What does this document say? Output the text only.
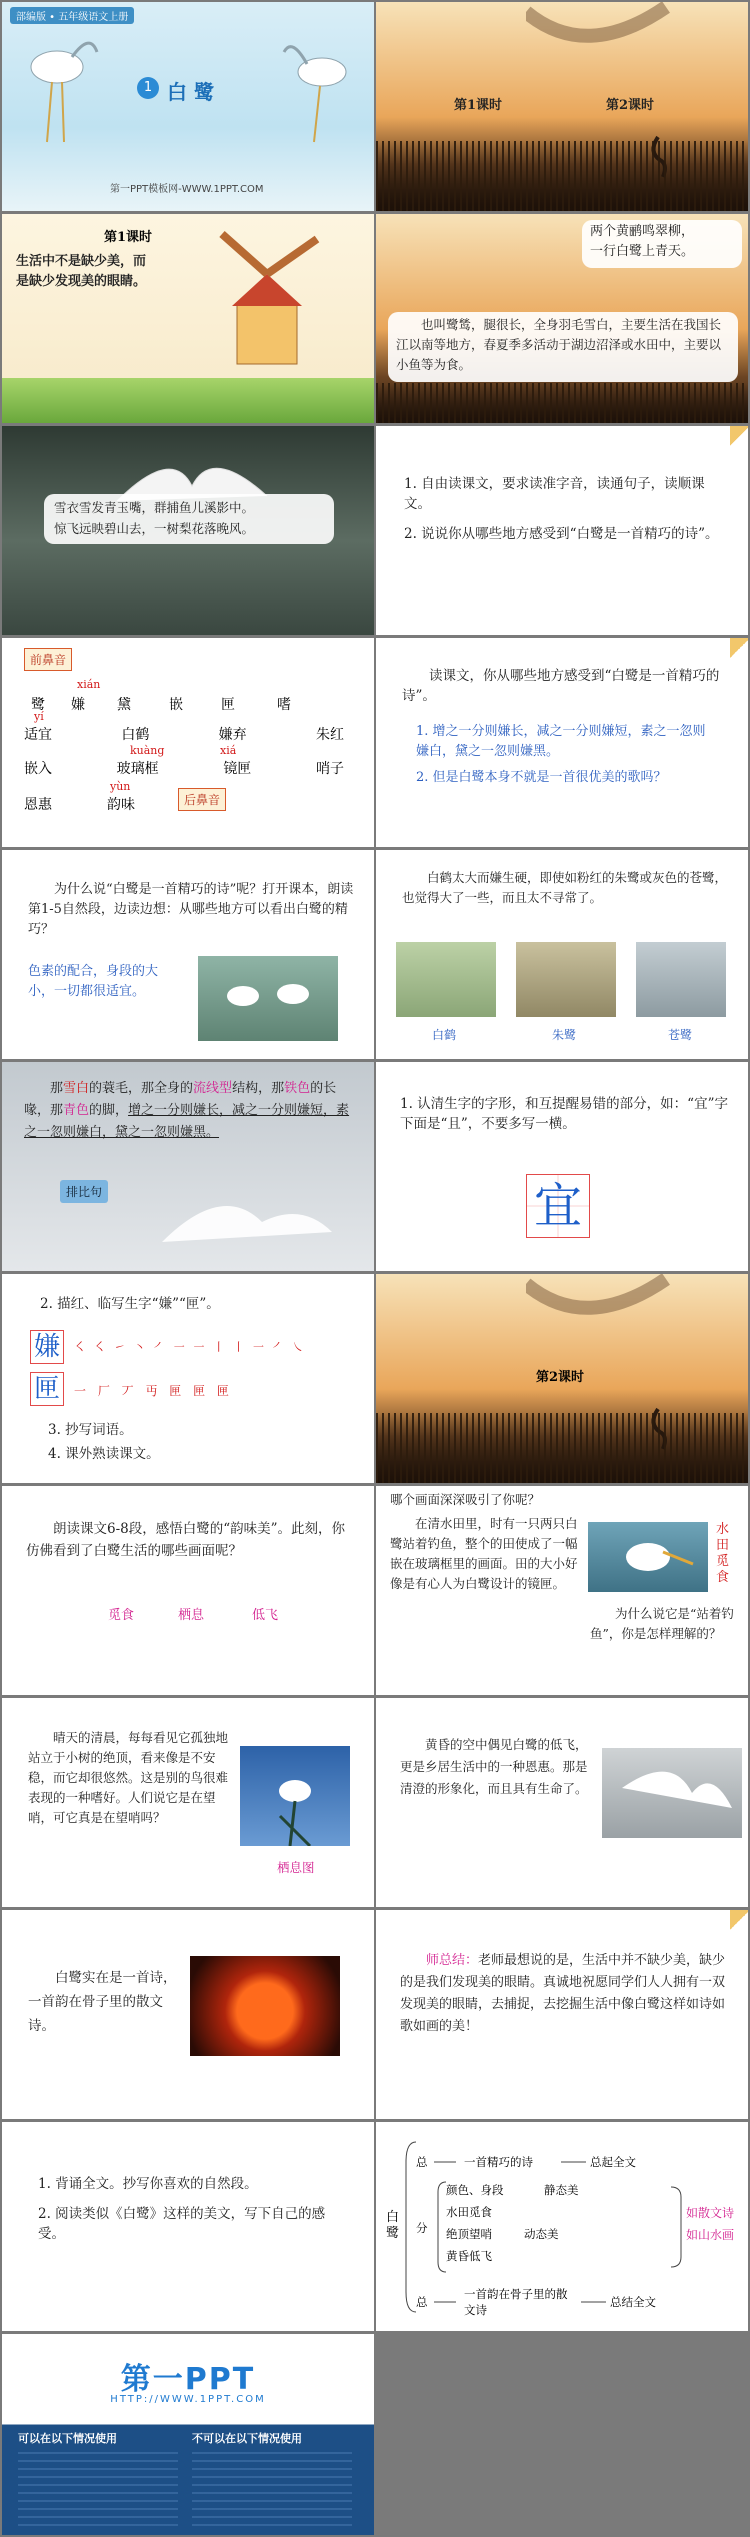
部编版 • 五年级语文上册
1 白 鹭
第一PPT模板网-WWW.1PPT.COM
第1课时	第2课时
第1课时
生活中不是缺少美，而
是缺少发现美的眼睛。
两个黄鹂鸣翠柳，
一行白鹭上青天。
也叫鹭鸶，腿很长，全身羽毛雪白，主要生活在我国长江以南等地方，春夏季多活动于湖边沼泽或水田中，主要以小鱼等为食。
雪衣雪发青玉嘴，群捕鱼儿溪影中。
惊飞远映碧山去，一树梨花落晚风。
1. 自由读课文，要求读准字音，读通句子，读顺课文。
2. 说说你从哪些地方感受到“白鹭是一首精巧的诗”。
前鼻音
xián
鹭	嫌	黛	嵌	匣	嗜
yí
适宜	白鹤	嫌弃	朱红
kuàng	xiá
嵌入	玻璃框	镜匣	哨子
yùn
恩惠	韵味	后鼻音
读课文，你从哪些地方感受到“白鹭是一首精巧的诗”。
1. 增之一分则嫌长，减之一分则嫌短，素之一忽则嫌白，黛之一忽则嫌黑。
2. 但是白鹭本身不就是一首很优美的歌吗？
为什么说“白鹭是一首精巧的诗”呢？打开课本，朗读第1-5自然段，边读边想：从哪些地方可以看出白鹭的精巧？
色素的配合，身段的大小，一切都很适宜。
白鹤太大而嫌生硬，即使如粉红的朱鹭或灰色的苍鹭，也觉得大了一些，而且太不寻常了。
白鹤	朱鹭	苍鹭
那雪白的蓑毛，那全身的流线型结构，那铁色的长喙，那青色的脚，增之一分则嫌长，减之一分则嫌短，素之一忽则嫌白，黛之一忽则嫌黑。
排比句
1. 认清生字的字形，和互提醒易错的部分，如：“宜”字下面是“且”，不要多写一横。
宜
2. 描红、临写生字“嫌”“匣”。
嫌	㇛ ㇛ ㇀ ㇔ ㇒ ㇐ ㇐ ㇑ ㇑ ㇐ ㇒ ㇏
匣	一 厂 丆 丏 匣 匣 匣
3. 抄写词语。
4. 课外熟读课文。
第2课时
朗读课文6-8段，感悟白鹭的“韵味美”。此刻，你仿佛看到了白鹭生活的哪些画面呢？
觅食	栖息	低飞
哪个画面深深吸引了你呢？
在清水田里，时有一只两只白鹭站着钓鱼，整个的田使成了一幅嵌在玻璃框里的画面。田的大小好像是有心人为白鹭设计的镜匣。
水田觅食
为什么说它是“站着钓鱼”，你是怎样理解的？
晴天的清晨，每每看见它孤独地站立于小树的绝顶，看来像是不安稳，而它却很悠然。这是别的鸟很难表现的一种嗜好。人们说它是在望哨，可它真是在望哨吗？
栖息图
黄昏的空中偶见白鹭的低飞，更是乡居生活中的一种恩惠。那是清澄的形象化，而且具有生命了。
白鹭实在是一首诗，一首韵在骨子里的散文诗。
师总结：老师最想说的是，生活中并不缺少美，缺少的是我们发现美的眼睛。真诚地祝愿同学们人人拥有一双发现美的眼睛，去捕捉，去挖掘生活中像白鹭这样如诗如歌如画的美！
1. 背诵全文。抄写你喜欢的自然段。
2. 阅读类似《白鹭》这样的美文，写下自己的感受。
白鹭
总	一首精巧的诗	总起全文
分
颜色、身段	静态美
水田觅食
绝顶望哨	动态美
黄昏低飞
总
一首韵在骨子里的散文诗
总结全文
如散文诗
如山水画
第一PPT
HTTP://WWW.1PPT.COM
可以在以下情况使用	不可以在以下情况使用
